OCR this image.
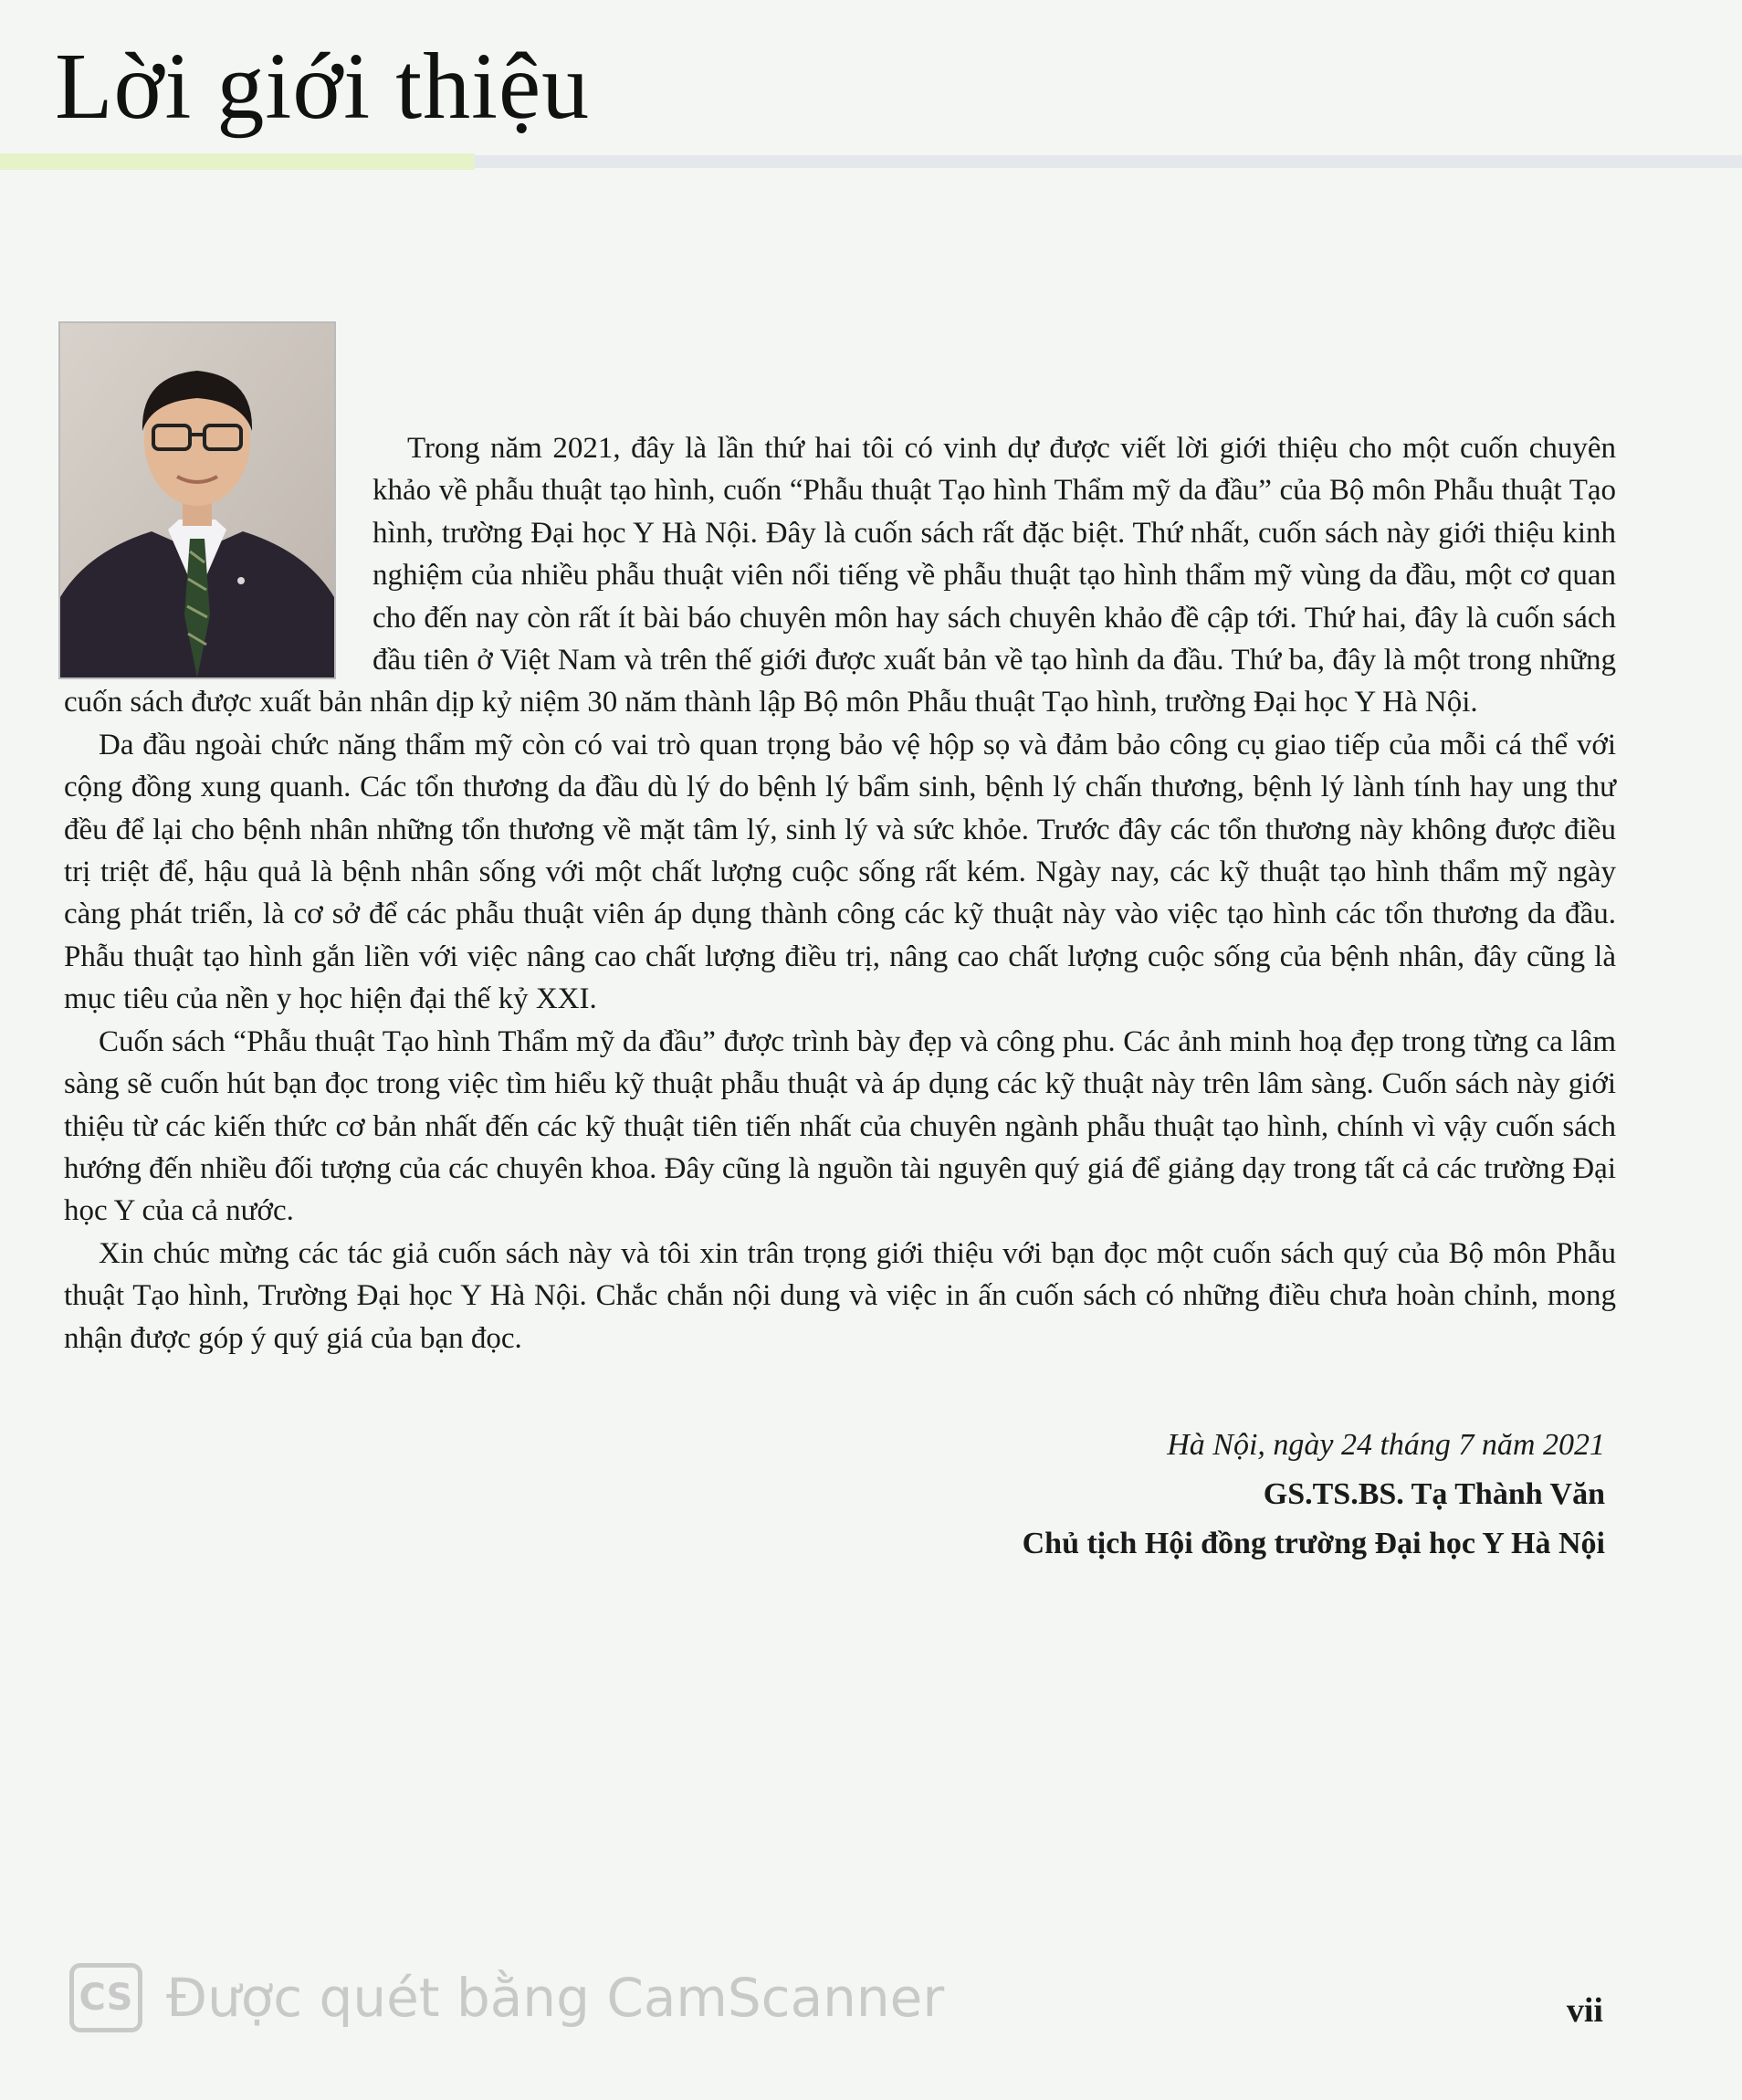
Lời giới thiệu

Trong năm 2021, đây là lần thứ hai tôi có vinh dự được viết lời giới thiệu cho một cuốn chuyên khảo về phẫu thuật tạo hình, cuốn “Phẫu thuật Tạo hình Thẩm mỹ da đầu” của Bộ môn Phẫu thuật Tạo hình, trường Đại học Y Hà Nội. Đây là cuốn sách rất đặc biệt. Thứ nhất, cuốn sách này giới thiệu kinh nghiệm của nhiều phẫu thuật viên nổi tiếng về phẫu thuật tạo hình thẩm mỹ vùng da đầu, một cơ quan cho đến nay còn rất ít bài báo chuyên môn hay sách chuyên khảo đề cập tới. Thứ hai, đây là cuốn sách đầu tiên ở Việt Nam và trên thế giới được xuất bản về tạo hình da đầu. Thứ ba, đây là một trong những cuốn sách được xuất bản nhân dịp kỷ niệm 30 năm thành lập Bộ môn Phẫu thuật Tạo hình, trường Đại học Y Hà Nội.

Da đầu ngoài chức năng thẩm mỹ còn có vai trò quan trọng bảo vệ hộp sọ và đảm bảo công cụ giao tiếp của mỗi cá thể với cộng đồng xung quanh. Các tổn thương da đầu dù lý do bệnh lý bẩm sinh, bệnh lý chấn thương, bệnh lý lành tính hay ung thư đều để lại cho bệnh nhân những tổn thương về mặt tâm lý, sinh lý và sức khỏe. Trước đây các tổn thương này không được điều trị triệt để, hậu quả là bệnh nhân sống với một chất lượng cuộc sống rất kém. Ngày nay, các kỹ thuật tạo hình thẩm mỹ ngày càng phát triển, là cơ sở để các phẫu thuật viên áp dụng thành công các kỹ thuật này vào việc tạo hình các tổn thương da đầu. Phẫu thuật tạo hình gắn liền với việc nâng cao chất lượng điều trị, nâng cao chất lượng cuộc sống của bệnh nhân, đây cũng là mục tiêu của nền y học hiện đại thế kỷ XXI.

Cuốn sách “Phẫu thuật Tạo hình Thẩm mỹ da đầu” được trình bày đẹp và công phu. Các ảnh minh hoạ đẹp trong từng ca lâm sàng sẽ cuốn hút bạn đọc trong việc tìm hiểu kỹ thuật phẫu thuật và áp dụng các kỹ thuật này trên lâm sàng. Cuốn sách này giới thiệu từ các kiến thức cơ bản nhất đến các kỹ thuật tiên tiến nhất của chuyên ngành phẫu thuật tạo hình, chính vì vậy cuốn sách hướng đến nhiều đối tượng của các chuyên khoa. Đây cũng là nguồn tài nguyên quý giá để giảng dạy trong tất cả các trường Đại học Y của cả nước.

Xin chúc mừng các tác giả cuốn sách này và tôi xin trân trọng giới thiệu với bạn đọc một cuốn sách quý của Bộ môn Phẫu thuật Tạo hình, Trường Đại học Y Hà Nội. Chắc chắn nội dung và việc in ấn cuốn sách có những điều chưa hoàn chỉnh, mong nhận được góp ý quý giá của bạn đọc.

Hà Nội, ngày 24 tháng 7 năm 2021
GS.TS.BS. Tạ Thành Văn
Chủ tịch Hội đồng trường Đại học Y Hà Nội
CS Được quét bằng CamScanner	vii
